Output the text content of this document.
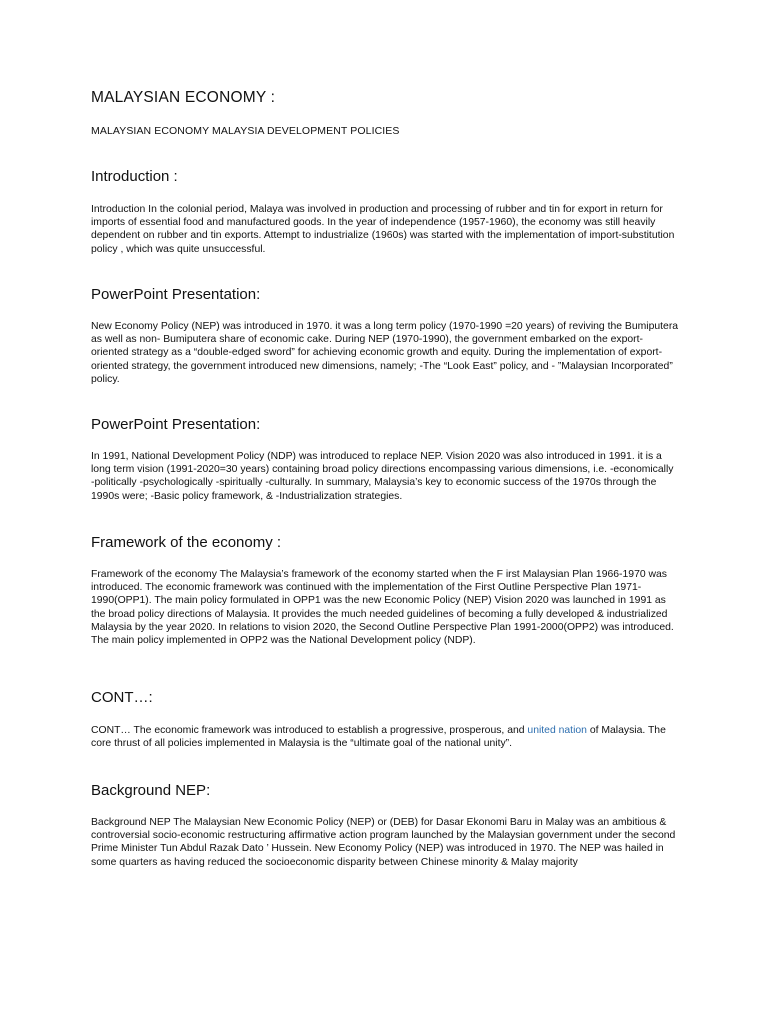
MALAYSIAN ECONOMY :
MALAYSIAN ECONOMY MALAYSIA DEVELOPMENT POLICIES
Introduction :

Introduction In the colonial period, Malaya was involved in production and processing of rubber and tin for export in return for imports of essential food and manufactured goods. In the year of independence (1957-1960), the economy was still heavily dependent on rubber and tin exports. Attempt to industrialize (1960s) was started with the implementation of import-substitution policy , which was quite unsuccessful.

PowerPoint Presentation:

New Economy Policy (NEP) was introduced in 1970. it was a long term policy (1970-1990 =20 years) of reviving the Bumiputera as well as non- Bumiputera share of economic cake. During NEP (1970-1990), the government embarked on the export-oriented strategy as a “double-edged sword” for achieving economic growth and equity. During the implementation of export-oriented strategy, the government introduced new dimensions, namely; -The “Look East” policy, and - ”Malaysian Incorporated” policy.

PowerPoint Presentation:

In 1991, National Development Policy (NDP) was introduced to replace NEP. Vision 2020 was also introduced in 1991. it is a long term vision (1991-2020=30 years) containing broad policy directions encompassing various dimensions, i.e. -economically -politically -psychologically -spiritually -culturally. In summary, Malaysia’s key to economic success of the 1970s through the 1990s were; -Basic policy framework, & -Industrialization strategies.

Framework of the economy :

Framework of the economy The Malaysia’s framework of the economy started when the F irst Malaysian Plan 1966-1970 was introduced. The economic framework was continued with the implementation of the First Outline Perspective Plan 1971-1990(OPP1). The main policy formulated in OPP1 was the new Economic Policy (NEP) Vision 2020 was launched in 1991 as the broad policy directions of Malaysia. It provides the much needed guidelines of becoming a fully developed & industrialized Malaysia by the year 2020. In relations to vision 2020, the Second Outline Perspective Plan 1991-2000(OPP2) was introduced. The main policy implemented in OPP2 was the National Development policy (NDP).

CONT…:

CONT… The economic framework was introduced to establish a progressive, prosperous, and united nation of Malaysia. The core thrust of all policies implemented in Malaysia is the “ultimate goal of the national unity”.

Background NEP:

Background NEP The Malaysian New Economic Policy (NEP) or (DEB) for Dasar Ekonomi Baru in Malay was an ambitious & controversial socio-economic restructuring affirmative action program launched by the Malaysian government under the second Prime Minister Tun Abdul Razak Dato ’ Hussein. New Economy Policy (NEP) was introduced in 1970. The NEP was hailed in some quarters as having reduced the socioeconomic disparity between Chinese minority & Malay majority
